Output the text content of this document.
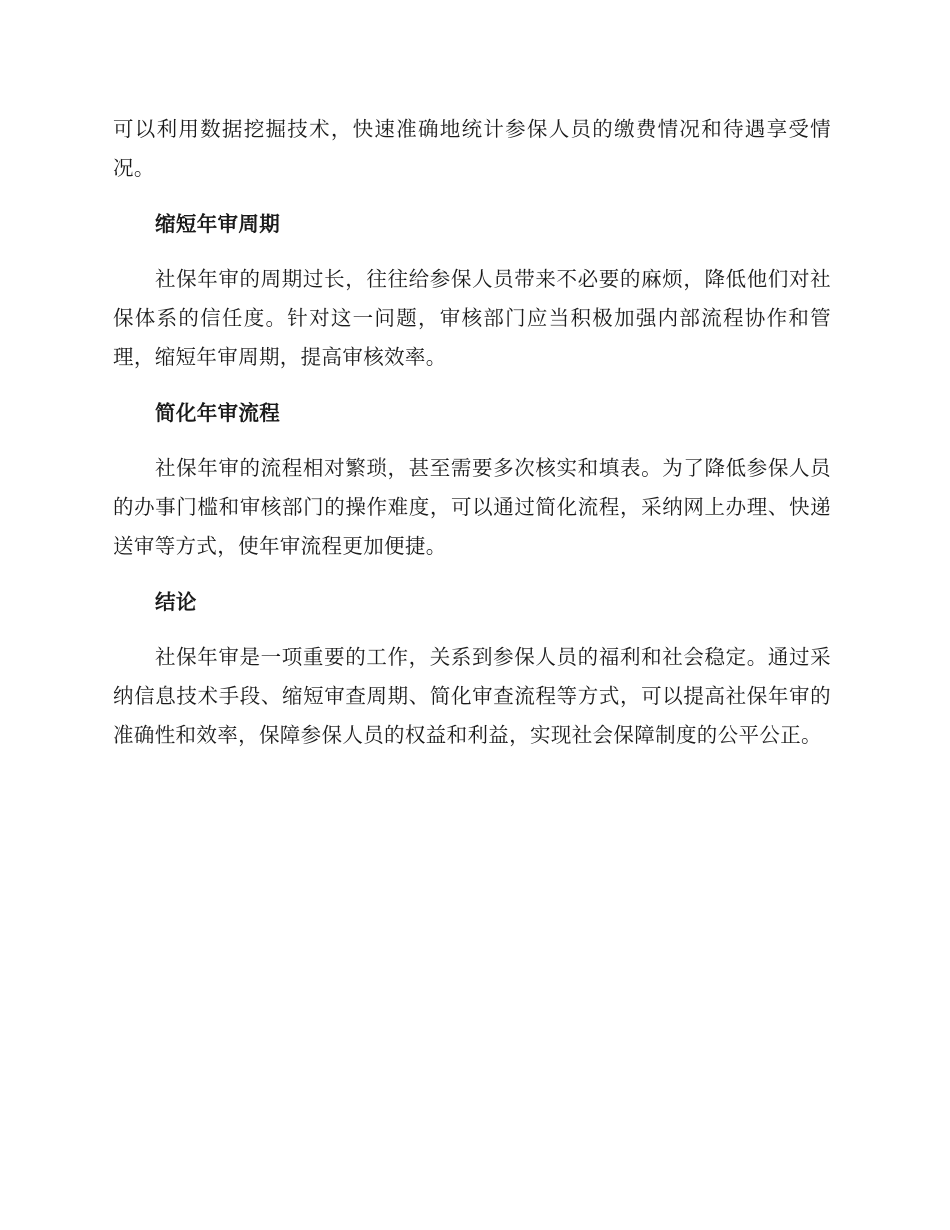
可以利用数据挖掘技术，快速准确地统计参保人员的缴费情况和待遇享受情况。

缩短年审周期

社保年审的周期过长，往往给参保人员带来不必要的麻烦，降低他们对社保体系的信任度。针对这一问题，审核部门应当积极加强内部流程协作和管理，缩短年审周期，提高审核效率。

简化年审流程

社保年审的流程相对繁琐，甚至需要多次核实和填表。为了降低参保人员的办事门槛和审核部门的操作难度，可以通过简化流程，采纳网上办理、快递送审等方式，使年审流程更加便捷。

结论

社保年审是一项重要的工作，关系到参保人员的福利和社会稳定。通过采纳信息技术手段、缩短审查周期、简化审查流程等方式，可以提高社保年审的准确性和效率，保障参保人员的权益和利益，实现社会保障制度的公平公正。
